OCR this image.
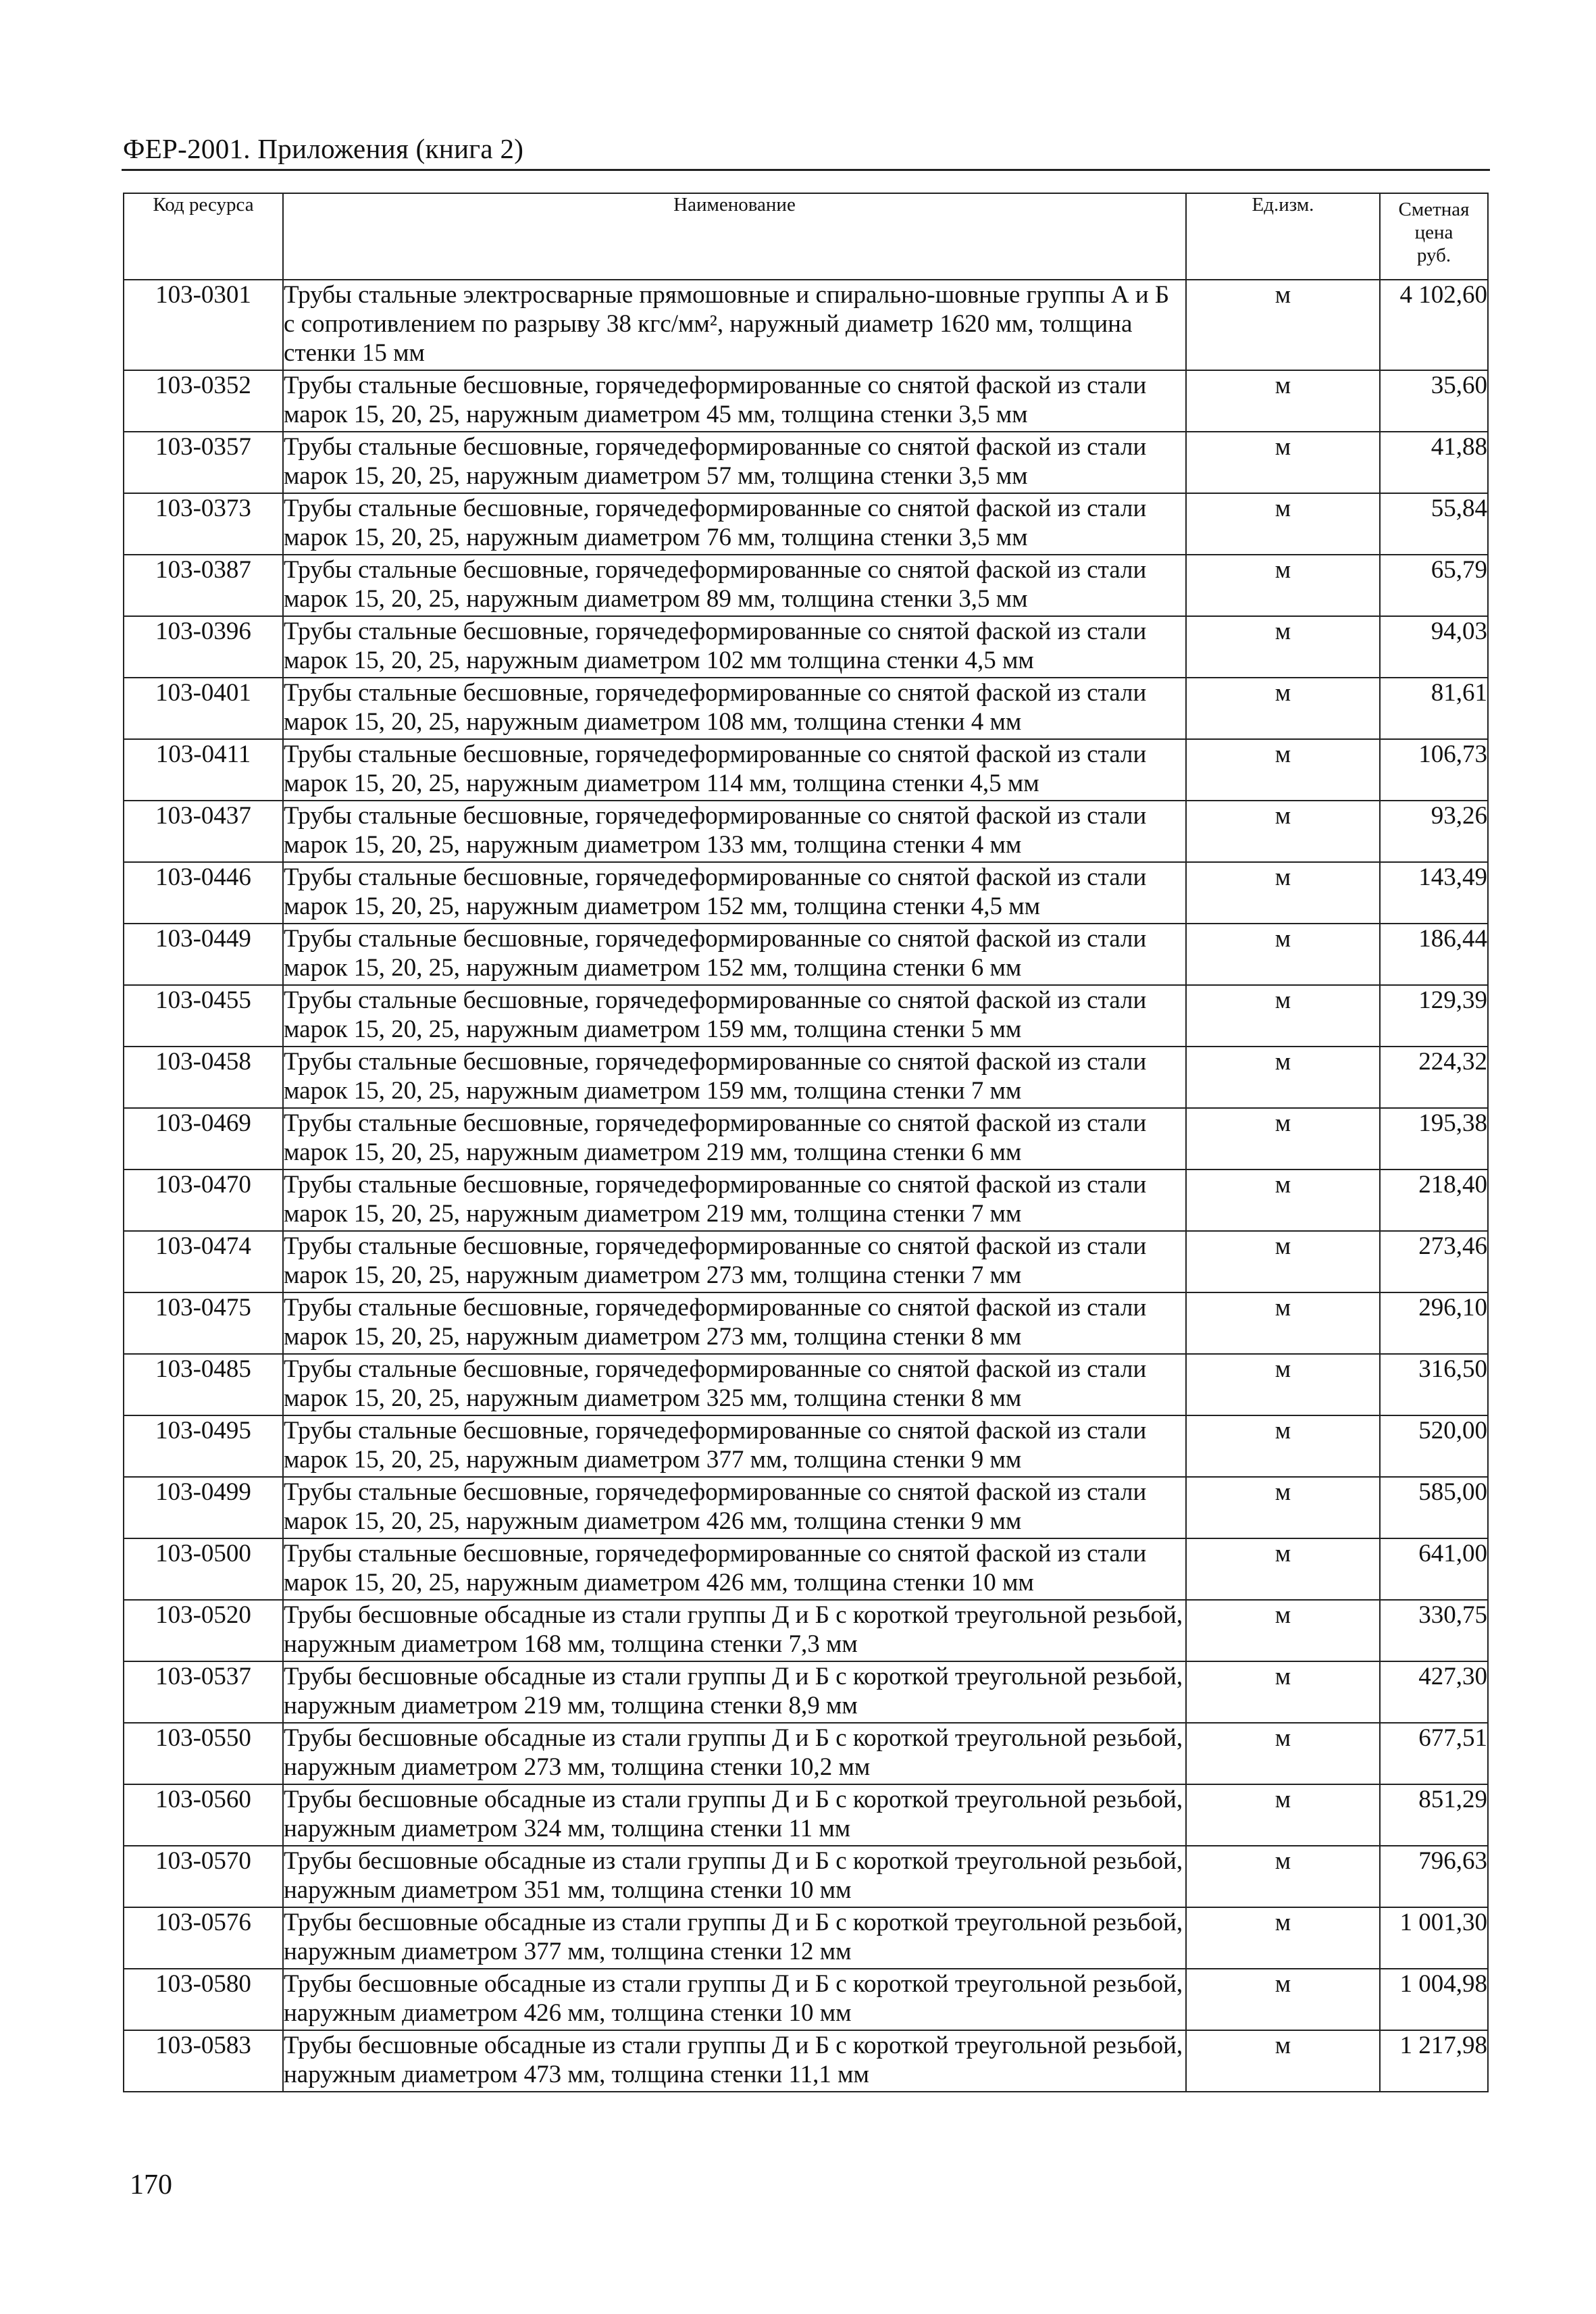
ФЕР-2001. Приложения (книга 2)
Код ресурса	Наименование	Ед.изм.	Сметная
цена
руб.
103-0301	Трубы стальные электросварные прямошовные и спирально-шовные группы А и Б с сопротивлением по разрыву 38 кгс/мм², наружный диаметр 1620 мм, толщина стенки 15 мм	м	4 102,60
103-0352	Трубы стальные бесшовные, горячедеформированные со снятой фаской из стали марок 15, 20, 25, наружным диаметром 45 мм, толщина стенки 3,5 мм	м	35,60
103-0357	Трубы стальные бесшовные, горячедеформированные со снятой фаской из стали марок 15, 20, 25, наружным диаметром 57 мм, толщина стенки 3,5 мм	м	41,88
103-0373	Трубы стальные бесшовные, горячедеформированные со снятой фаской из стали марок 15, 20, 25, наружным диаметром 76 мм, толщина стенки 3,5 мм	м	55,84
103-0387	Трубы стальные бесшовные, горячедеформированные со снятой фаской из стали марок 15, 20, 25, наружным диаметром 89 мм, толщина стенки 3,5 мм	м	65,79
103-0396	Трубы стальные бесшовные, горячедеформированные со снятой фаской из стали марок 15, 20, 25, наружным диаметром 102 мм толщина стенки 4,5 мм	м	94,03
103-0401	Трубы стальные бесшовные, горячедеформированные со снятой фаской из стали марок 15, 20, 25, наружным диаметром 108 мм, толщина стенки 4 мм	м	81,61
103-0411	Трубы стальные бесшовные, горячедеформированные со снятой фаской из стали марок 15, 20, 25, наружным диаметром 114 мм, толщина стенки 4,5 мм	м	106,73
103-0437	Трубы стальные бесшовные, горячедеформированные со снятой фаской из стали марок 15, 20, 25, наружным диаметром 133 мм, толщина стенки 4 мм	м	93,26
103-0446	Трубы стальные бесшовные, горячедеформированные со снятой фаской из стали марок 15, 20, 25, наружным диаметром 152 мм, толщина стенки 4,5 мм	м	143,49
103-0449	Трубы стальные бесшовные, горячедеформированные со снятой фаской из стали марок 15, 20, 25, наружным диаметром 152 мм, толщина стенки 6 мм	м	186,44
103-0455	Трубы стальные бесшовные, горячедеформированные со снятой фаской из стали марок 15, 20, 25, наружным диаметром 159 мм, толщина стенки 5 мм	м	129,39
103-0458	Трубы стальные бесшовные, горячедеформированные со снятой фаской из стали марок 15, 20, 25, наружным диаметром 159 мм, толщина стенки 7 мм	м	224,32
103-0469	Трубы стальные бесшовные, горячедеформированные со снятой фаской из стали марок 15, 20, 25, наружным диаметром 219 мм, толщина стенки 6 мм	м	195,38
103-0470	Трубы стальные бесшовные, горячедеформированные со снятой фаской из стали марок 15, 20, 25, наружным диаметром 219 мм, толщина стенки 7 мм	м	218,40
103-0474	Трубы стальные бесшовные, горячедеформированные со снятой фаской из стали марок 15, 20, 25, наружным диаметром 273 мм, толщина стенки 7 мм	м	273,46
103-0475	Трубы стальные бесшовные, горячедеформированные со снятой фаской из стали марок 15, 20, 25, наружным диаметром 273 мм, толщина стенки 8 мм	м	296,10
103-0485	Трубы стальные бесшовные, горячедеформированные со снятой фаской из стали марок 15, 20, 25, наружным диаметром 325 мм, толщина стенки 8 мм	м	316,50
103-0495	Трубы стальные бесшовные, горячедеформированные со снятой фаской из стали марок 15, 20, 25, наружным диаметром 377 мм, толщина стенки 9 мм	м	520,00
103-0499	Трубы стальные бесшовные, горячедеформированные со снятой фаской из стали марок 15, 20, 25, наружным диаметром 426 мм, толщина стенки 9 мм	м	585,00
103-0500	Трубы стальные бесшовные, горячедеформированные со снятой фаской из стали марок 15, 20, 25, наружным диаметром 426 мм, толщина стенки 10 мм	м	641,00
103-0520	Трубы бесшовные обсадные из стали группы Д и Б с короткой треугольной резьбой, наружным диаметром 168 мм, толщина стенки 7,3 мм	м	330,75
103-0537	Трубы бесшовные обсадные из стали группы Д и Б с короткой треугольной резьбой, наружным диаметром 219 мм, толщина стенки 8,9 мм	м	427,30
103-0550	Трубы бесшовные обсадные из стали группы Д и Б с короткой треугольной резьбой, наружным диаметром 273 мм, толщина стенки 10,2 мм	м	677,51
103-0560	Трубы бесшовные обсадные из стали группы Д и Б с короткой треугольной резьбой, наружным диаметром 324 мм, толщина стенки 11 мм	м	851,29
103-0570	Трубы бесшовные обсадные из стали группы Д и Б с короткой треугольной резьбой, наружным диаметром 351 мм, толщина стенки 10 мм	м	796,63
103-0576	Трубы бесшовные обсадные из стали группы Д и Б с короткой треугольной резьбой, наружным диаметром 377 мм, толщина стенки 12 мм	м	1 001,30
103-0580	Трубы бесшовные обсадные из стали группы Д и Б с короткой треугольной резьбой, наружным диаметром 426 мм, толщина стенки 10 мм	м	1 004,98
103-0583	Трубы бесшовные обсадные из стали группы Д и Б с короткой треугольной резьбой, наружным диаметром 473 мм, толщина стенки 11,1 мм	м	1 217,98
170
